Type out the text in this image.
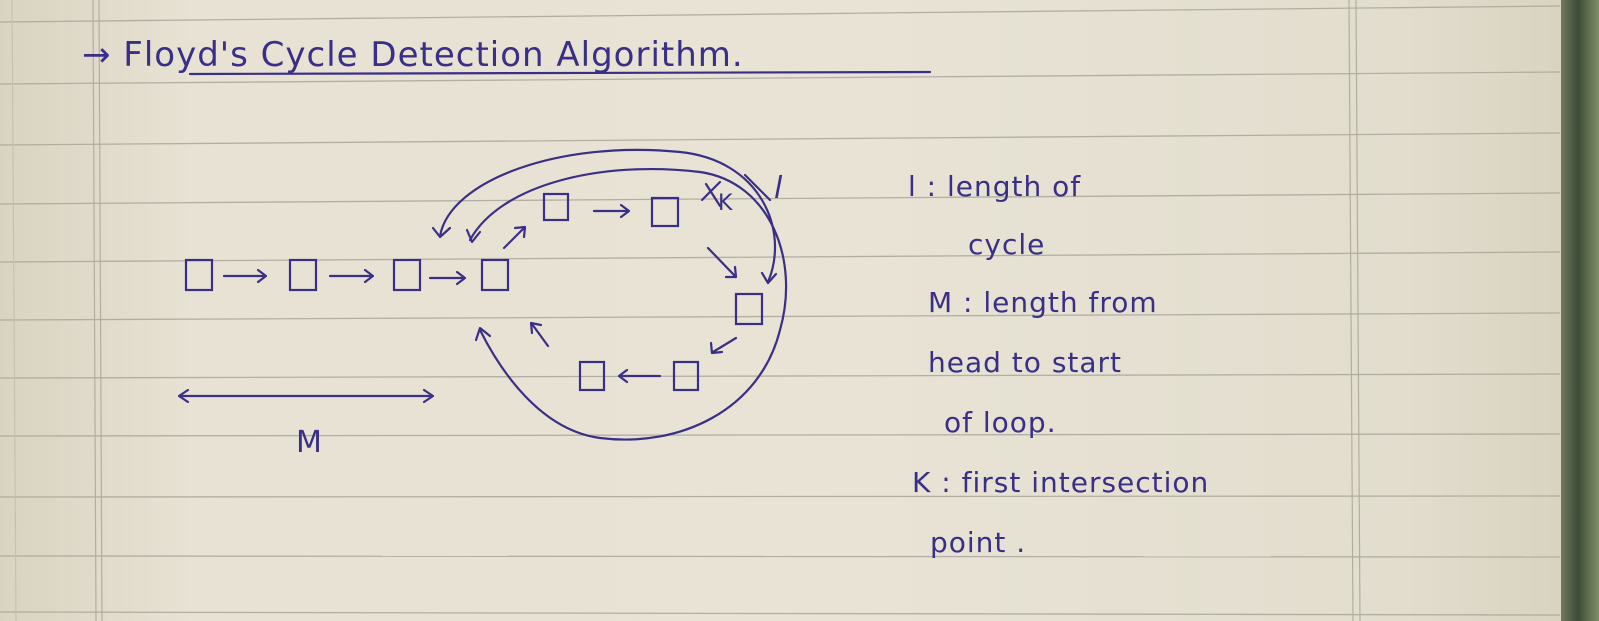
→ Floyd's Cycle Detection Algorithm.
K l
M
l : length of
cycle
M : length from
head to start
of loop.
K : first intersection
point .
